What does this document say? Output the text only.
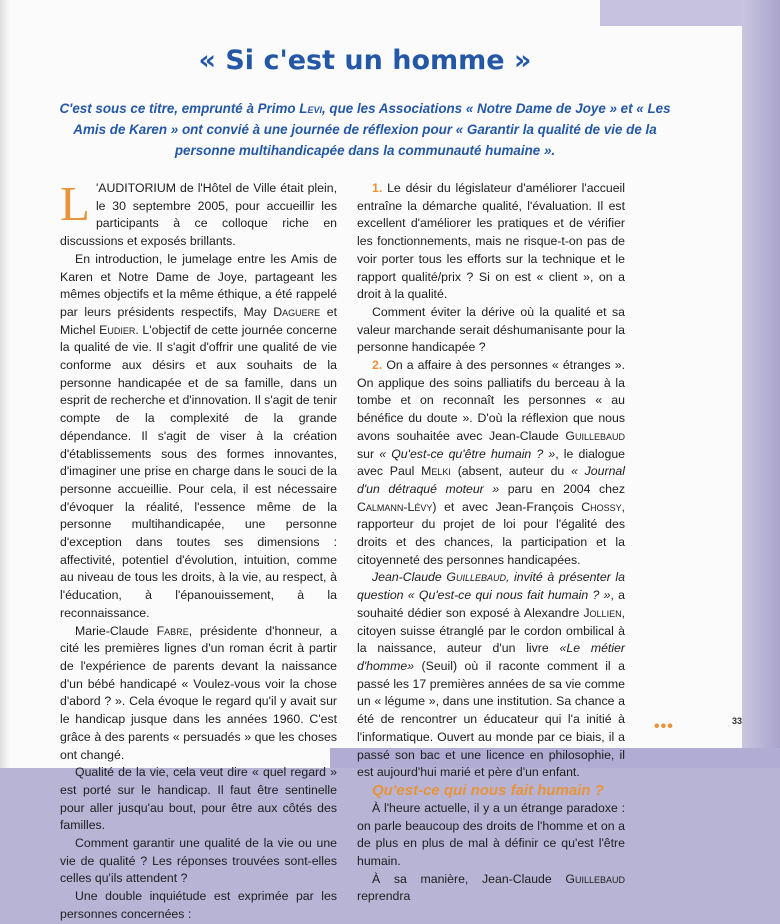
« Si c'est un homme »

C'est sous ce titre, emprunté à Primo Levi, que les Associations « Notre Dame de Joye » et « Les Amis de Karen » ont convié à une journée de réflexion pour « Garantir la qualité de vie de la personne multihandicapée dans la communauté humaine ».

L 'AUDITORIUM de l'Hôtel de Ville était plein, le 30 septembre 2005, pour accueillir les participants à ce colloque riche en discussions et exposés brillants.

En introduction, le jumelage entre les Amis de Karen et Notre Dame de Joye, partageant les mêmes objectifs et la même éthique, a été rappelé par leurs présidents respectifs, May Daguere et Michel Eudier. L'objectif de cette journée concerne la qualité de vie. Il s'agit d'offrir une qualité de vie conforme aux désirs et aux souhaits de la personne handicapée et de sa famille, dans un esprit de recherche et d'innovation. Il s'agit de tenir compte de la complexité de la grande dépendance. Il s'agit de viser à la création d'établissements sous des formes innovantes, d'imaginer une prise en charge dans le souci de la personne accueillie. Pour cela, il est nécessaire d'évoquer la réalité, l'essence même de la personne multihandicapée, une personne d'exception dans toutes ses dimensions : affectivité, potentiel d'évolution, intuition, comme au niveau de tous les droits, à la vie, au respect, à l'éducation, à l'épanouissement, à la reconnaissance.

Marie-Claude Fabre, présidente d'honneur, a cité les premières lignes d'un roman écrit à partir de l'expérience de parents devant la naissance d'un bébé handicapé « Voulez-vous voir la chose d'abord ? ». Cela évoque le regard qu'il y avait sur le handicap jusque dans les années 1960. C'est grâce à des parents « persuadés » que les choses ont changé.

Qualité de la vie, cela veut dire « quel regard » est porté sur le handicap. Il faut être sentinelle pour aller jusqu'au bout, pour être aux côtés des familles.

Comment garantir une qualité de la vie ou une vie de qualité ? Les réponses trouvées sont-elles celles qu'ils attendent ?

Une double inquiétude est exprimée par les personnes concernées :

1. Le désir du législateur d'améliorer l'accueil entraîne la démarche qualité, l'évaluation. Il est excellent d'améliorer les pratiques et de vérifier les fonctionnements, mais ne risque-t-on pas de voir porter tous les efforts sur la technique et le rapport qualité/prix ? Si on est « client », on a droit à la qualité.

Comment éviter la dérive où la qualité et sa valeur marchande serait déshumanisante pour la personne handicapée ?

2. On a affaire à des personnes « étranges ». On applique des soins palliatifs du berceau à la tombe et on reconnaît les personnes « au bénéfice du doute ». D'où la réflexion que nous avons souhaitée avec Jean-Claude Guillebaud sur « Qu'est-ce qu'être humain ? », le dialogue avec Paul Melki (absent, auteur du « Journal d'un détraqué moteur » paru en 2004 chez Calmann-Lévy) et avec Jean-François Chossy, rapporteur du projet de loi pour l'égalité des droits et des chances, la participation et la citoyenneté des personnes handicapées.

Jean-Claude Guillebaud, invité à présenter la question « Qu'est-ce qui nous fait humain ? », a souhaité dédier son exposé à Alexandre Jollien, citoyen suisse étranglé par le cordon ombilical à la naissance, auteur d'un livre «Le métier d'homme» (Seuil) où il raconte comment il a passé les 17 premières années de sa vie comme un « légume », dans une institution. Sa chance a été de rencontrer un éducateur qui l'a initié à l'informatique. Ouvert au monde par ce biais, il a passé son bac et une licence en philosophie, il est aujourd'hui marié et père d'un enfant.

Qu'est-ce qui nous fait humain ?

À l'heure actuelle, il y a un étrange paradoxe : on parle beaucoup des droits de l'homme et on a de plus en plus de mal à définir ce qu'est l'être humain.

À sa manière, Jean-Claude Guillebaud reprendra

•••	33
